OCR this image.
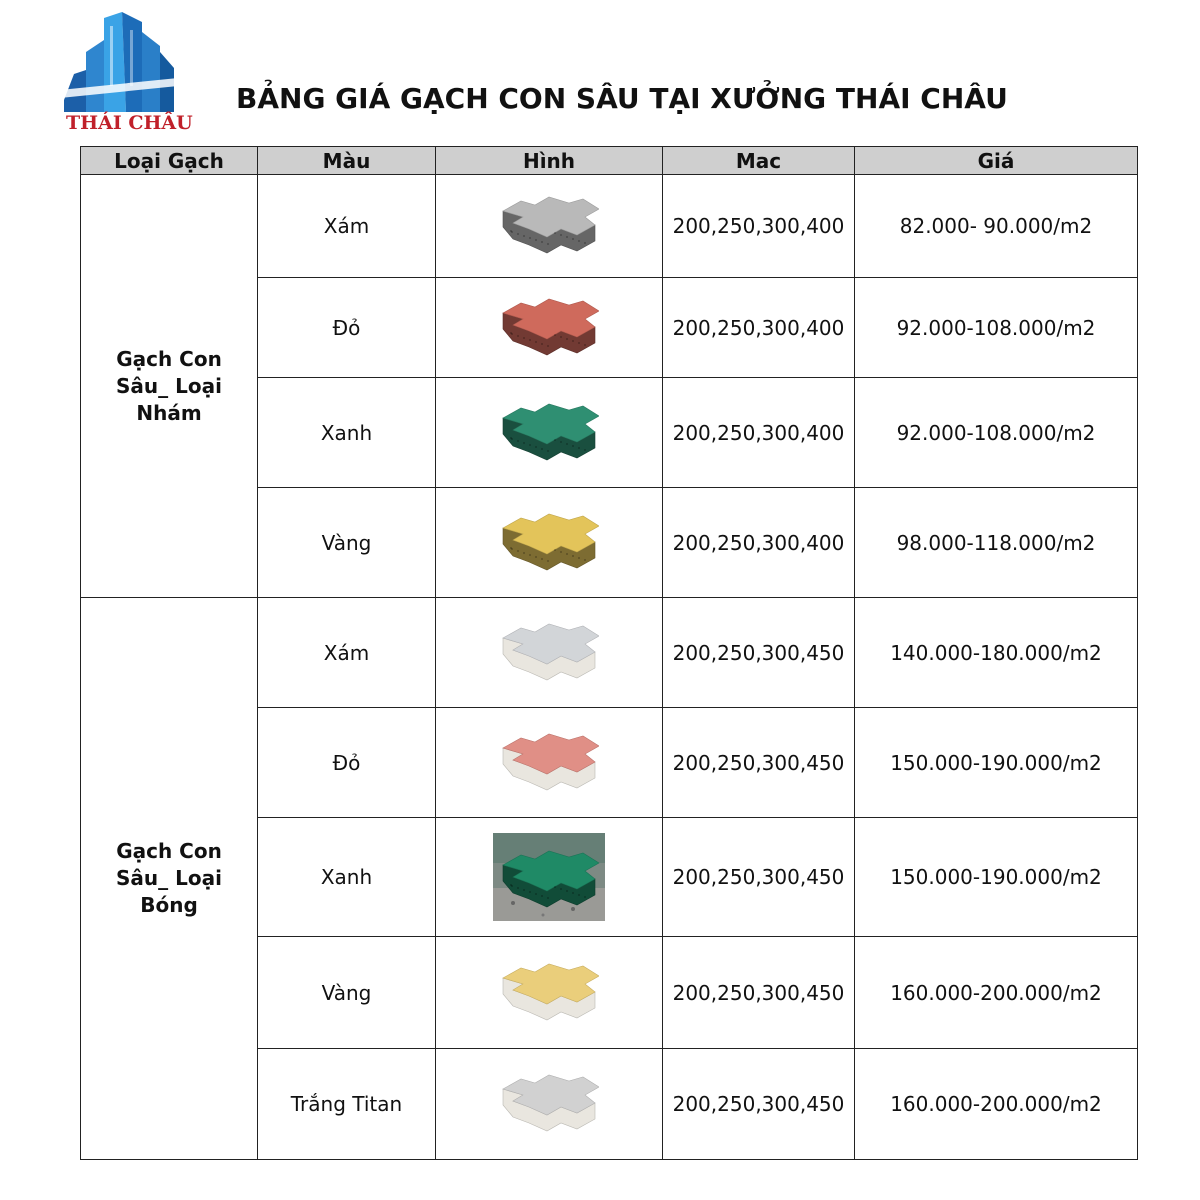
THÁI CHÂU
BẢNG GIÁ GẠCH CON SÂU TẠI XƯỞNG THÁI CHÂU
Loại Gạch	Màu	Hình	Mac	Giá
Gạch Con Sâu_ Loại Nhám	Xám		200,250,300,400	82.000- 90.000/m2
	Đỏ		200,250,300,400	92.000-108.000/m2
	Xanh		200,250,300,400	92.000-108.000/m2
	Vàng		200,250,300,400	98.000-118.000/m2
Gạch Con Sâu_ Loại Bóng	Xám		200,250,300,450	140.000-180.000/m2
	Đỏ		200,250,300,450	150.000-190.000/m2
	Xanh		200,250,300,450	150.000-190.000/m2
	Vàng		200,250,300,450	160.000-200.000/m2
	Trắng Titan		200,250,300,450	160.000-200.000/m2
